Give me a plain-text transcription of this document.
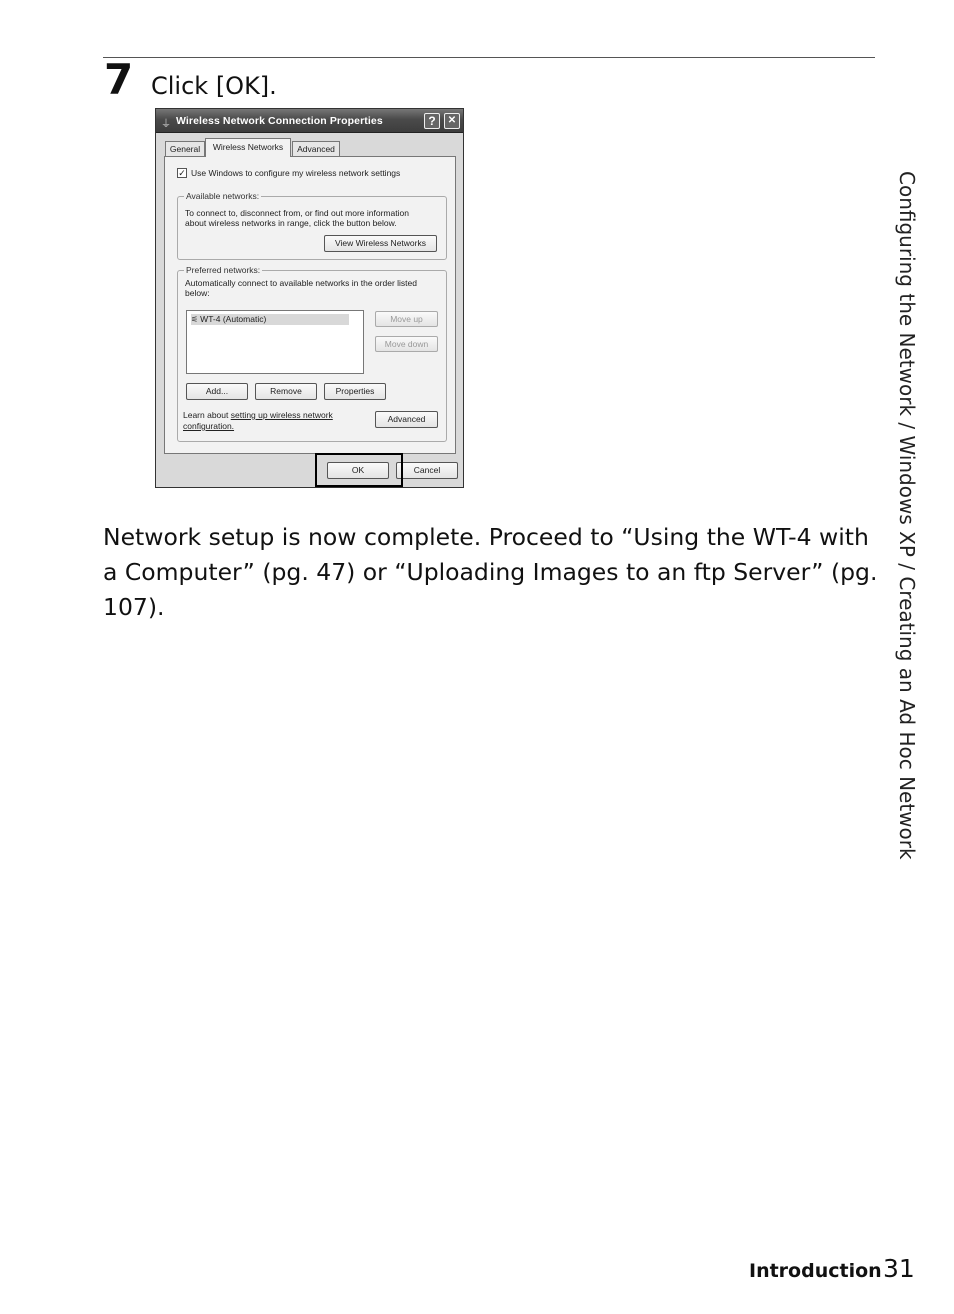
7 Click [OK].
⏚ Wireless Network Connection Properties	?	✕
General	Wireless Networks	Advanced
✓ Use Windows to configure my wireless network settings
Available networks:
To connect to, disconnect from, or find out more information
about wireless networks in range, click the button below.
View Wireless Networks
Preferred networks:
Automatically connect to available networks in the order listed
below:
⚟ WT-4 (Automatic)	Move up
Move down
Add...	Remove	Properties
Learn about setting up wireless network
configuration.
Advanced
OK	Cancel
Network setup is now complete. Proceed to “Using the WT-4 with a Computer” (pg. 47) or “Uploading Images to an ftp Server” (pg. 107).	Configuring the Network / Windows XP / Creating an Ad Hoc Network
Introduction 31
